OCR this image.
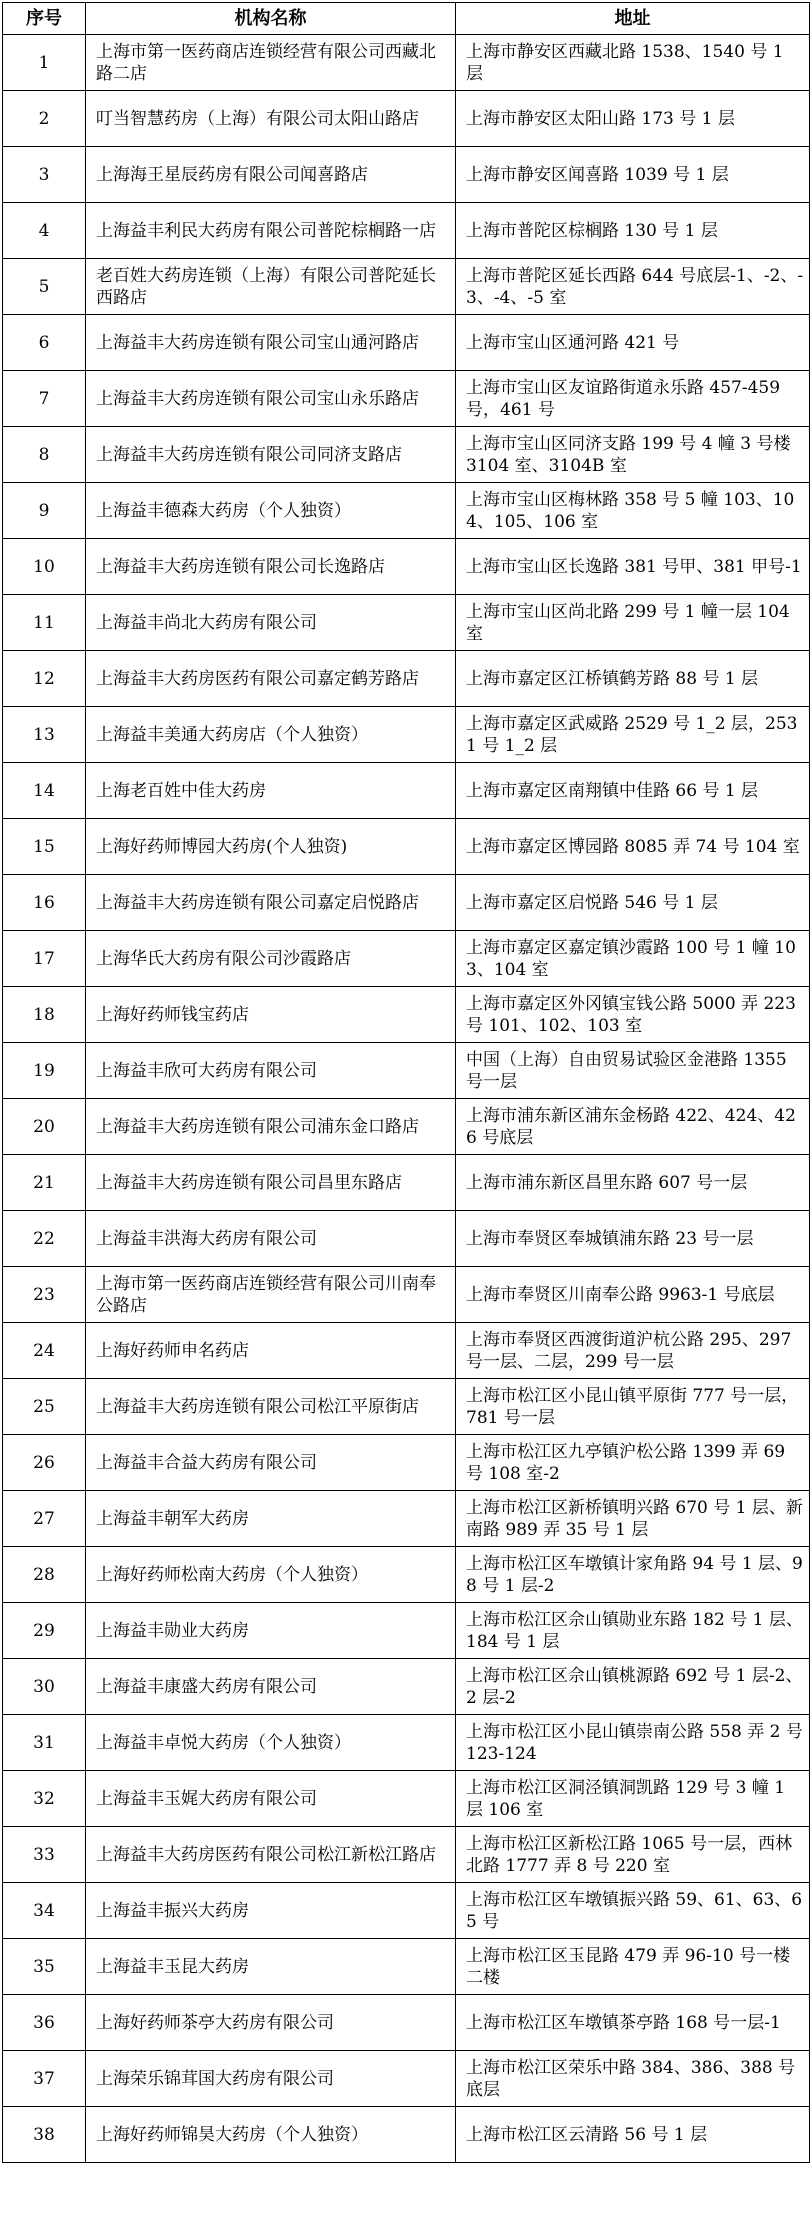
序号	机构名称	地址
1	上海市第一医药商店连锁经营有限公司西藏北路二店	上海市静安区西藏北路 1538、1540 号 1 层
2	叮当智慧药房（上海）有限公司太阳山路店	上海市静安区太阳山路 173 号 1 层
3	上海海王星辰药房有限公司闻喜路店	上海市静安区闻喜路 1039 号 1 层
4	上海益丰利民大药房有限公司普陀棕榈路一店	上海市普陀区棕榈路 130 号 1 层
5	老百姓大药房连锁（上海）有限公司普陀延长西路店	上海市普陀区延长西路 644 号底层-1、-2、-3、-4、-5 室
6	上海益丰大药房连锁有限公司宝山通河路店	上海市宝山区通河路 421 号
7	上海益丰大药房连锁有限公司宝山永乐路店	上海市宝山区友谊路街道永乐路 457-459 号，461 号
8	上海益丰大药房连锁有限公司同济支路店	上海市宝山区同济支路 199 号 4 幢 3 号楼 3104 室、3104B 室
9	上海益丰德森大药房（个人独资）	上海市宝山区梅林路 358 号 5 幢 103、104、105、106 室
10	上海益丰大药房连锁有限公司长逸路店	上海市宝山区长逸路 381 号甲、381 甲号-1
11	上海益丰尚北大药房有限公司	上海市宝山区尚北路 299 号 1 幢一层 104 室
12	上海益丰大药房医药有限公司嘉定鹤芳路店	上海市嘉定区江桥镇鹤芳路 88 号 1 层
13	上海益丰美通大药房店（个人独资）	上海市嘉定区武威路 2529 号 1_2 层，2531 号 1_2 层
14	上海老百姓中佳大药房	上海市嘉定区南翔镇中佳路 66 号 1 层
15	上海好药师博园大药房(个人独资)	上海市嘉定区博园路 8085 弄 74 号 104 室
16	上海益丰大药房连锁有限公司嘉定启悦路店	上海市嘉定区启悦路 546 号 1 层
17	上海华氏大药房有限公司沙霞路店	上海市嘉定区嘉定镇沙霞路 100 号 1 幢 103、104 室
18	上海好药师钱宝药店	上海市嘉定区外冈镇宝钱公路 5000 弄 223 号 101、102、103 室
19	上海益丰欣可大药房有限公司	中国（上海）自由贸易试验区金港路 1355 号一层
20	上海益丰大药房连锁有限公司浦东金口路店	上海市浦东新区浦东金杨路 422、424、426 号底层
21	上海益丰大药房连锁有限公司昌里东路店	上海市浦东新区昌里东路 607 号一层
22	上海益丰洪海大药房有限公司	上海市奉贤区奉城镇浦东路 23 号一层
23	上海市第一医药商店连锁经营有限公司川南奉公路店	上海市奉贤区川南奉公路 9963-1 号底层
24	上海好药师申名药店	上海市奉贤区西渡街道沪杭公路 295、297 号一层、二层，299 号一层
25	上海益丰大药房连锁有限公司松江平原街店	上海市松江区小昆山镇平原街 777 号一层，781 号一层
26	上海益丰合益大药房有限公司	上海市松江区九亭镇沪松公路 1399 弄 69 号 108 室-2
27	上海益丰朝军大药房	上海市松江区新桥镇明兴路 670 号 1 层、新南路 989 弄 35 号 1 层
28	上海好药师松南大药房（个人独资）	上海市松江区车墩镇计家角路 94 号 1 层、98 号 1 层-2
29	上海益丰勋业大药房	上海市松江区佘山镇勋业东路 182 号 1 层、184 号 1 层
30	上海益丰康盛大药房有限公司	上海市松江区佘山镇桃源路 692 号 1 层-2、2 层-2
31	上海益丰卓悦大药房（个人独资）	上海市松江区小昆山镇崇南公路 558 弄 2 号 123-124
32	上海益丰玉娓大药房有限公司	上海市松江区洞泾镇洞凯路 129 号 3 幢 1 层 106 室
33	上海益丰大药房医药有限公司松江新松江路店	上海市松江区新松江路 1065 号一层，西林北路 1777 弄 8 号 220 室
34	上海益丰振兴大药房	上海市松江区车墩镇振兴路 59、61、63、65 号
35	上海益丰玉昆大药房	上海市松江区玉昆路 479 弄 96-10 号一楼二楼
36	上海好药师茶亭大药房有限公司	上海市松江区车墩镇茶亭路 168 号一层-1
37	上海荣乐锦茸国大药房有限公司	上海市松江区荣乐中路 384、386、388 号底层
38	上海好药师锦昊大药房（个人独资）	上海市松江区云清路 56 号 1 层
